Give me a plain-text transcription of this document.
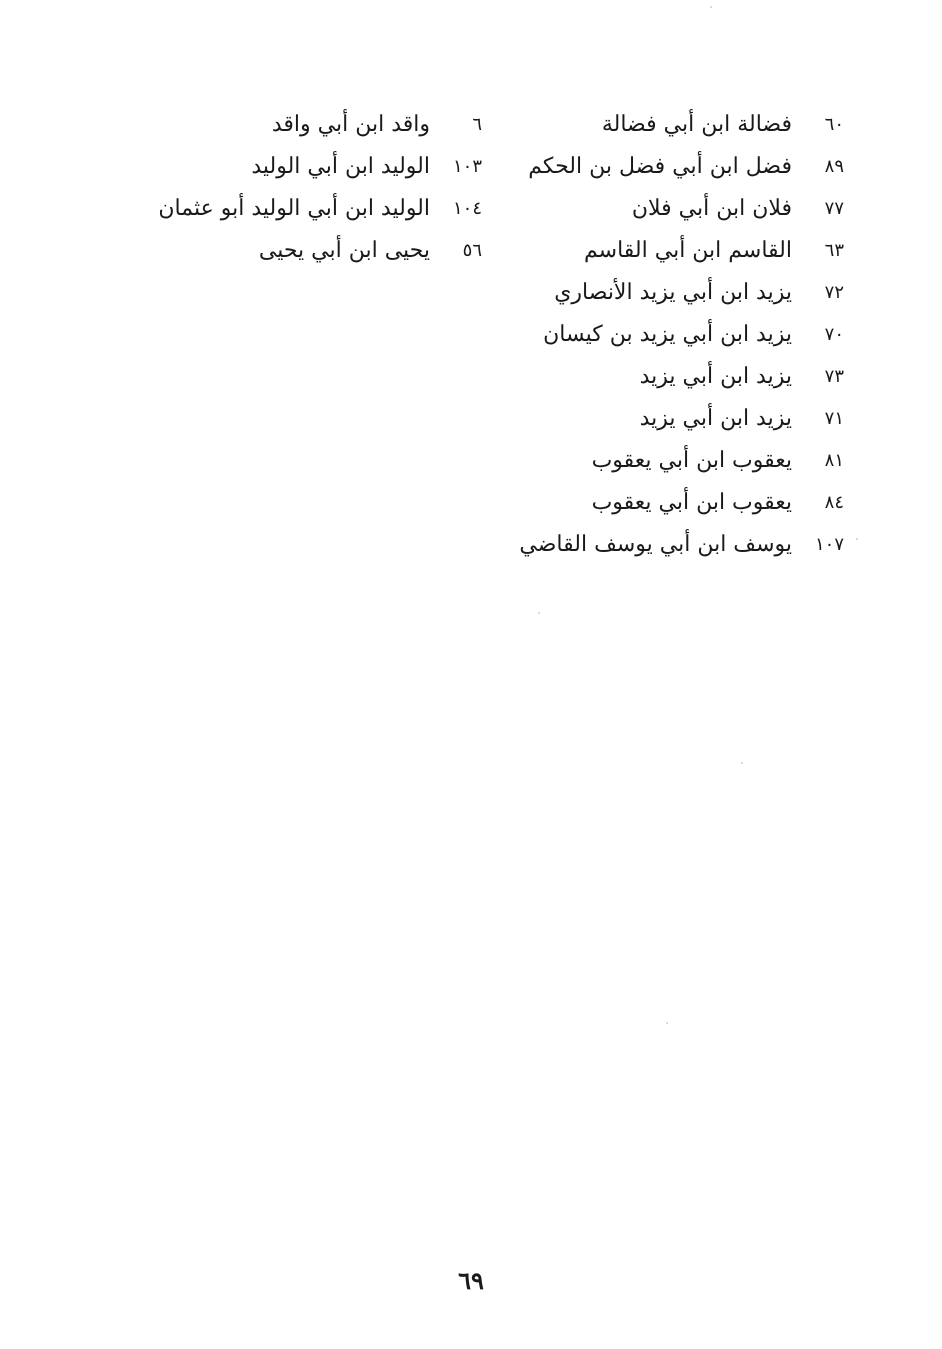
٦٠
فضالة ابن أبي فضالة
٨٩
فضل ابن أبي فضل بن الحكم
٧٧
فلان ابن أبي فلان
٦٣
القاسم ابن أبي القاسم
٧٢
يزيد ابن أبي يزيد الأنصاري
٧٠
يزيد ابن أبي يزيد بن كيسان
٧٣
يزيد ابن أبي يزيد
٧١
يزيد ابن أبي يزيد
٨١
يعقوب ابن أبي يعقوب
٨٤
يعقوب ابن أبي يعقوب
١٠٧
يوسف ابن أبي يوسف القاضي
٦
واقد ابن أبي واقد
١٠٣
الوليد ابن أبي الوليد
١٠٤
الوليد ابن أبي الوليد أبو عثمان
٥٦
يحيى ابن أبي يحيى
٦٩
